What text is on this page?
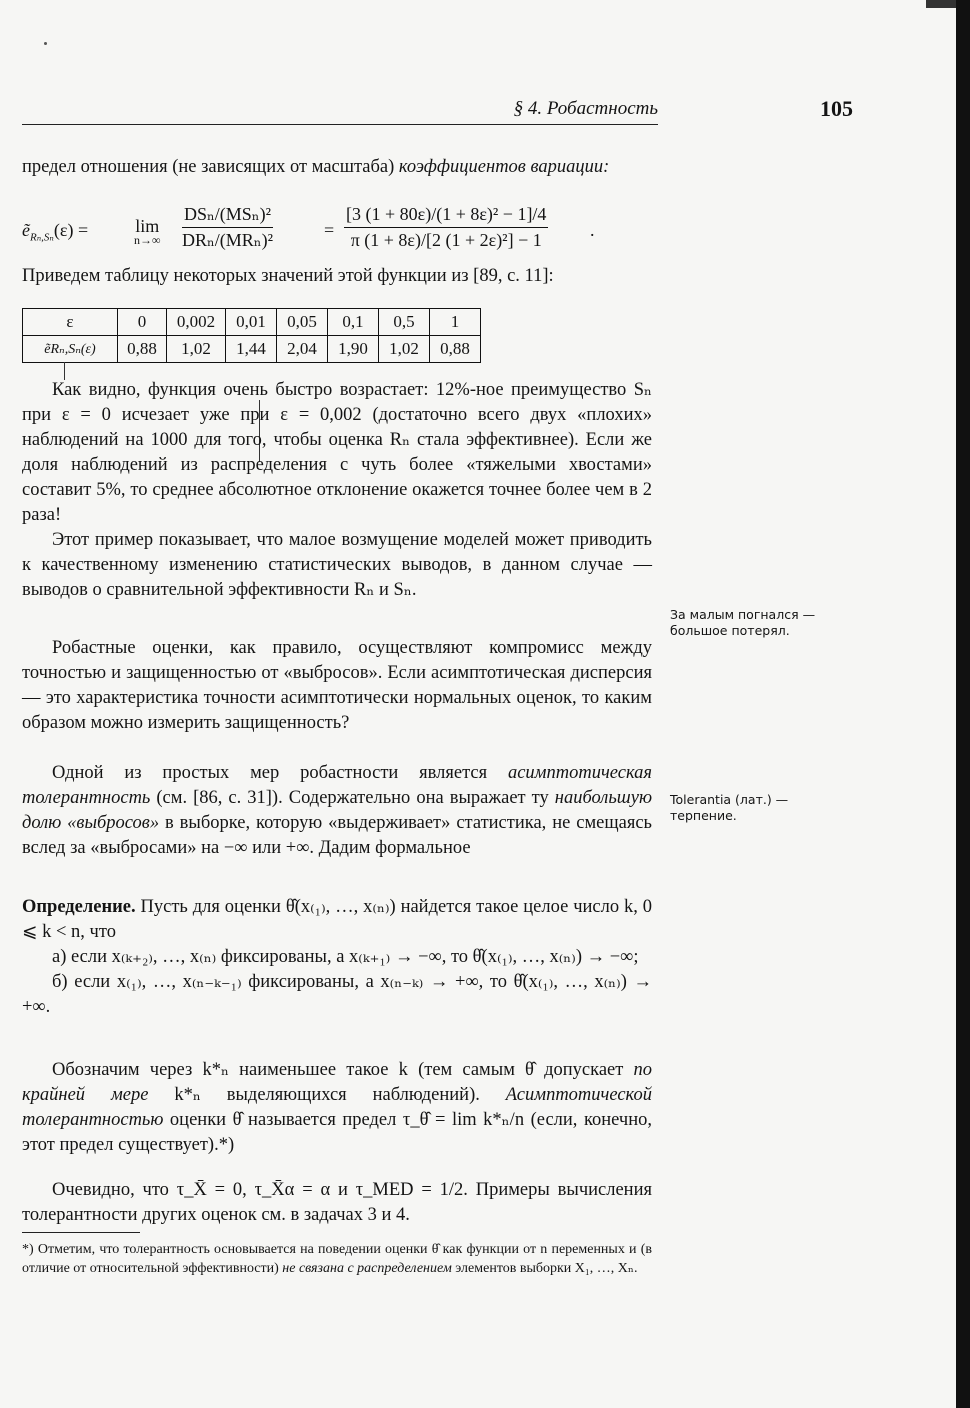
§ 4. Робастность	105

предел отношения (не зависящих от масштаба) коэффициентов вариации:

ẽ$_{R_n,S_n}$(ε) =	lim
n→∞
DSₙ/(MSₙ)²
DRₙ/(MRₙ)²	= $\frac{\text{[3 (1 + 80ε)/(1 + 8ε)² − 1]/4}}{\text{π (1 + 8ε)/[2 (1 + 2ε)²] − 1}}$ .
Приведем таблицу некоторых значений этой функции из [89, с. 11]:
ε	0	0,002	0,01	0,05	0,1	0,5	1
ẽRₙ,Sₙ(ε)	0,88	1,02	1,44	2,04	1,90	1,02	0,88

Как видно, функция очень быстро возрастает: 12%-ное преимущество Sₙ при ε = 0 исчезает уже при ε = 0,002 (достаточно всего двух «плохих» наблюдений на 1000 для того, чтобы оценка Rₙ стала эффективнее). Если же доля наблюдений из распределения с чуть более «тяжелыми хвостами» составит 5%, то среднее абсолютное отклонение окажется точнее более чем в 2 раза!

Этот пример показывает, что малое возмущение моделей может приводить к качественному изменению статистических выводов, в данном случае — выводов о сравнительной эффективности Rₙ и Sₙ.

Робастные оценки, как правило, осуществляют компромисс между точностью и защищенностью от «выбросов». Если асимптотическая дисперсия — это характеристика точности асимптотически нормальных оценок, то каким образом можно измерить защищенность?

Одной из простых мер робастности является асимптотическая толерантность (см. [86, с. 31]). Содержательно она выражает ту наибольшую долю «выбросов» в выборке, которую «выдерживает» статистика, не смещаясь вслед за «выбросами» на −∞ или +∞. Дадим формальное

Определение. Пусть для оценки θ̂(x₍₁₎, …, x₍ₙ₎) найдется такое целое число k, 0 ⩽ k < n, что

а) если x₍ₖ₊₂₎, …, x₍ₙ₎ фиксированы, а x₍ₖ₊₁₎ → −∞, то θ̂(x₍₁₎, …, x₍ₙ₎) → −∞;

б) если x₍₁₎, …, x₍ₙ₋ₖ₋₁₎ фиксированы, а x₍ₙ₋ₖ₎ → +∞, то θ̂(x₍₁₎, …, x₍ₙ₎) → +∞.

Обозначим через k*ₙ наименьшее такое k (тем самым θ̂ допускает по крайней мере k*ₙ выделяющихся наблюдений). Асимптотической толерантностью оценки θ̂ называется предел τ_θ̂ = lim k*ₙ/n (если, конечно, этот предел существует).*)

Очевидно, что τ_X̄ = 0, τ_X̄α = α и τ_MED = 1/2. Примеры вычисления толерантности других оценок см. в задачах 3 и 4.

*) Отметим, что толерантность основывается на поведении оценки θ̂ как функции от n переменных и (в отличие от относительной эффективности) не связана с распределением элементов выборки X₁, …, Xₙ.
За малым погнался — большое потерял.
Tolerantia (лат.) — терпение.
